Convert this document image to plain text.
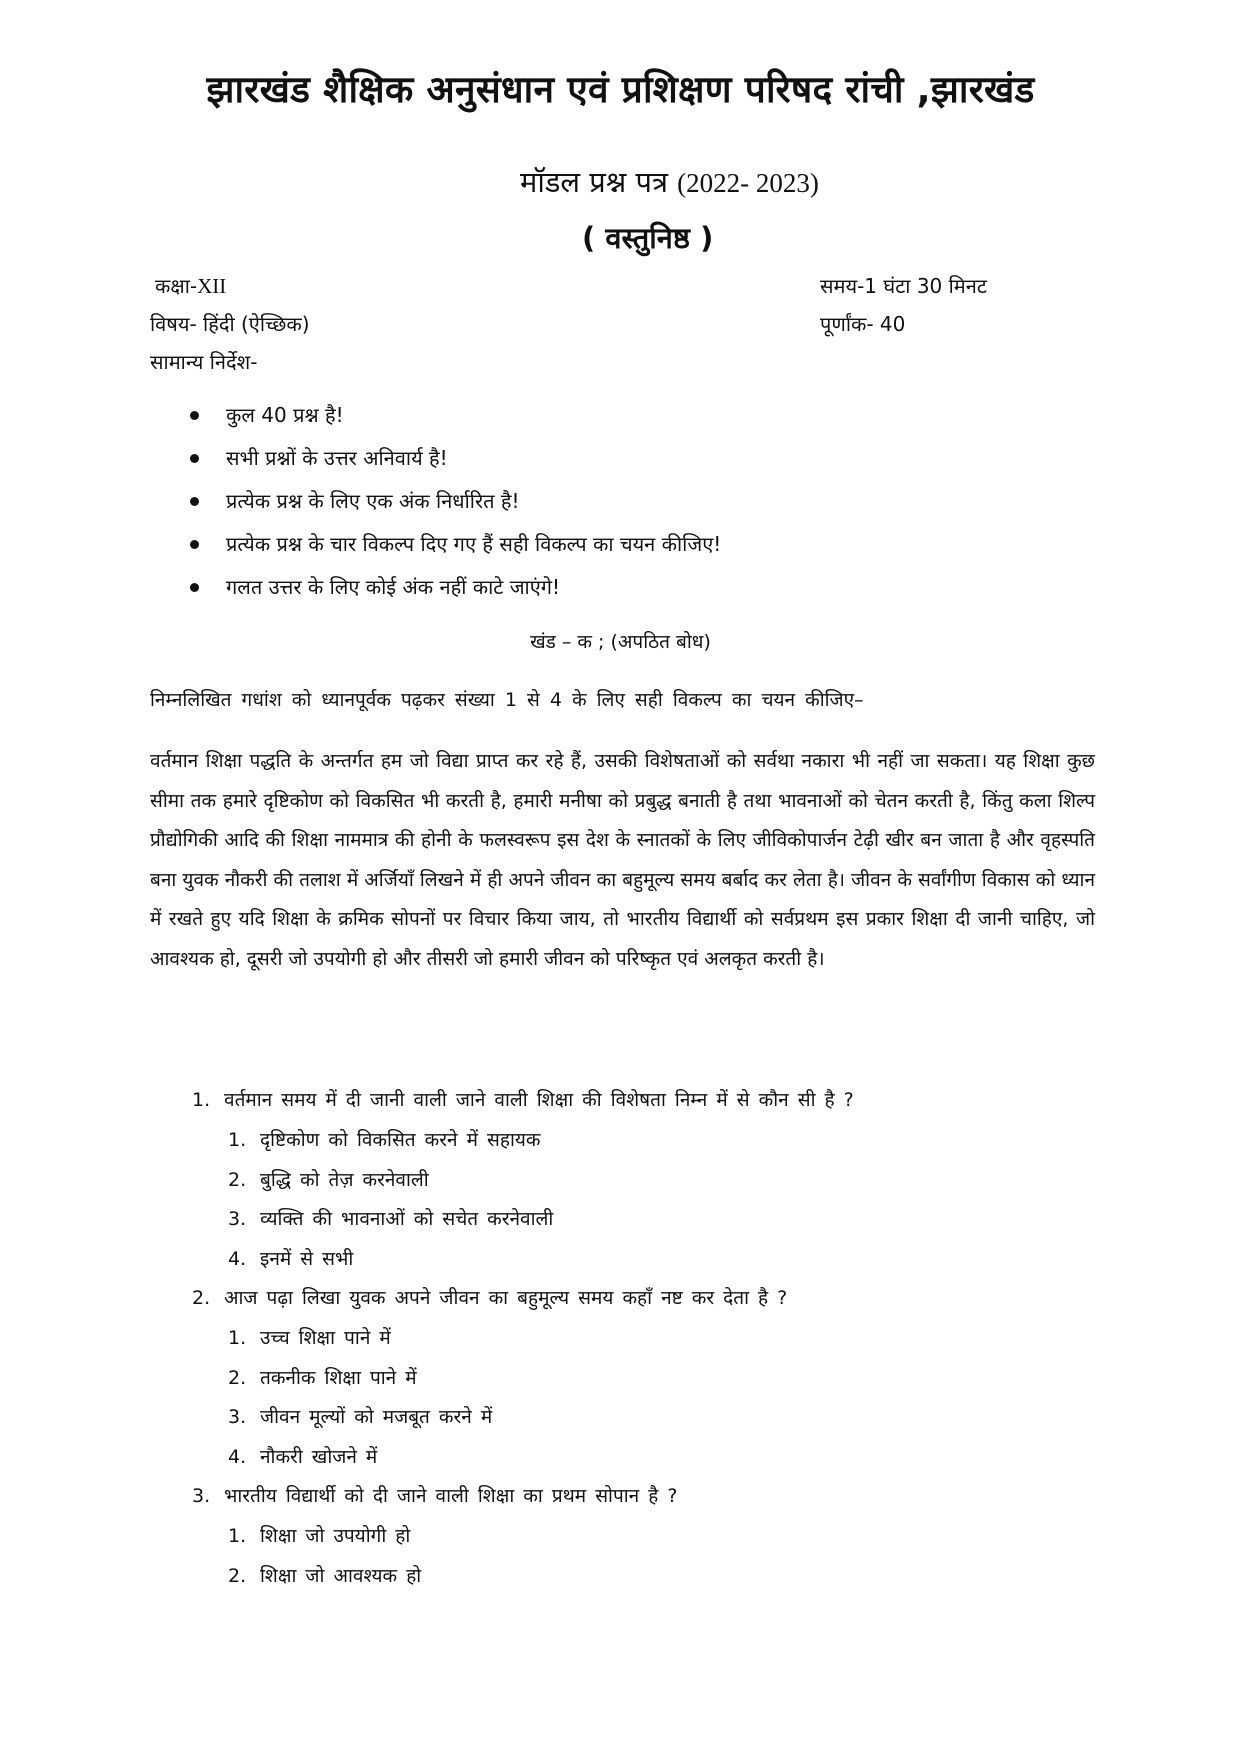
झारखंड शैक्षिक अनुसंधान एवं प्रशिक्षण परिषद रांची ,झारखंड
मॉडल प्रश्न पत्र (2022- 2023)
( वस्तुनिष्ठ )
कक्षा-XII	समय-1 घंटा 30 मिनट
विषय- हिंदी (ऐच्छिक)	पूर्णांक- 40
सामान्य निर्देश-
कुल 40 प्रश्न है!
सभी प्रश्नों के उत्तर अनिवार्य है!
प्रत्येक प्रश्न के लिए एक अंक निर्धारित है!
प्रत्येक प्रश्न के चार विकल्प दिए गए हैं सही विकल्प का चयन कीजिए!
गलत उत्तर के लिए कोई अंक नहीं काटे जाएंगे!
खंड – क ; (अपठित बोध)
निम्नलिखित गधांश को ध्यानपूर्वक पढ़कर संख्या 1 से 4 के लिए सही विकल्प का चयन कीजिए–
वर्तमान शिक्षा पद्धति के अन्तर्गत हम जो विद्या प्राप्त कर रहे हैं, उसकी विशेषताओं को सर्वथा नकारा भी नहीं जा सकता। यह शिक्षा कुछ सीमा तक हमारे दृष्टिकोण को विकसित भी करती है, हमारी मनीषा को प्रबुद्ध बनाती है तथा भावनाओं को चेतन करती है, किंतु कला शिल्प प्रौद्योगिकी आदि की शिक्षा नाममात्र की होनी के फलस्वरूप इस देश के स्नातकों के लिए जीविकोपार्जन टेढ़ी खीर बन जाता है और वृहस्पति बना युवक नौकरी की तलाश में अर्जियाँ लिखने में ही अपने जीवन का बहुमूल्य समय बर्बाद कर लेता है। जीवन के सर्वांगीण विकास को ध्यान में रखते हुए यदि शिक्षा के क्रमिक सोपनों पर विचार किया जाय, तो भारतीय विद्यार्थी को सर्वप्रथम इस प्रकार शिक्षा दी जानी चाहिए, जो आवश्यक हो, दूसरी जो उपयोगी हो और तीसरी जो हमारी जीवन को परिष्कृत एवं अलकृत करती है।
1. वर्तमान समय में दी जानी वाली जाने वाली शिक्षा की विशेषता निम्न में से कौन सी है ?
1. दृष्टिकोण को विकसित करने में सहायक
2. बुद्धि को तेज़ करनेवाली
3. व्यक्ति की भावनाओं को सचेत करनेवाली
4. इनमें से सभी
2. आज पढ़ा लिखा युवक अपने जीवन का बहुमूल्य समय कहाँ नष्ट कर देता है ?
1. उच्च शिक्षा पाने में
2. तकनीक शिक्षा पाने में
3. जीवन मूल्यों को मजबूत करने में
4. नौकरी खोजने में
3. भारतीय विद्यार्थी को दी जाने वाली शिक्षा का प्रथम सोपान है ?
1. शिक्षा जो उपयोगी हो
2. शिक्षा जो आवश्यक हो
